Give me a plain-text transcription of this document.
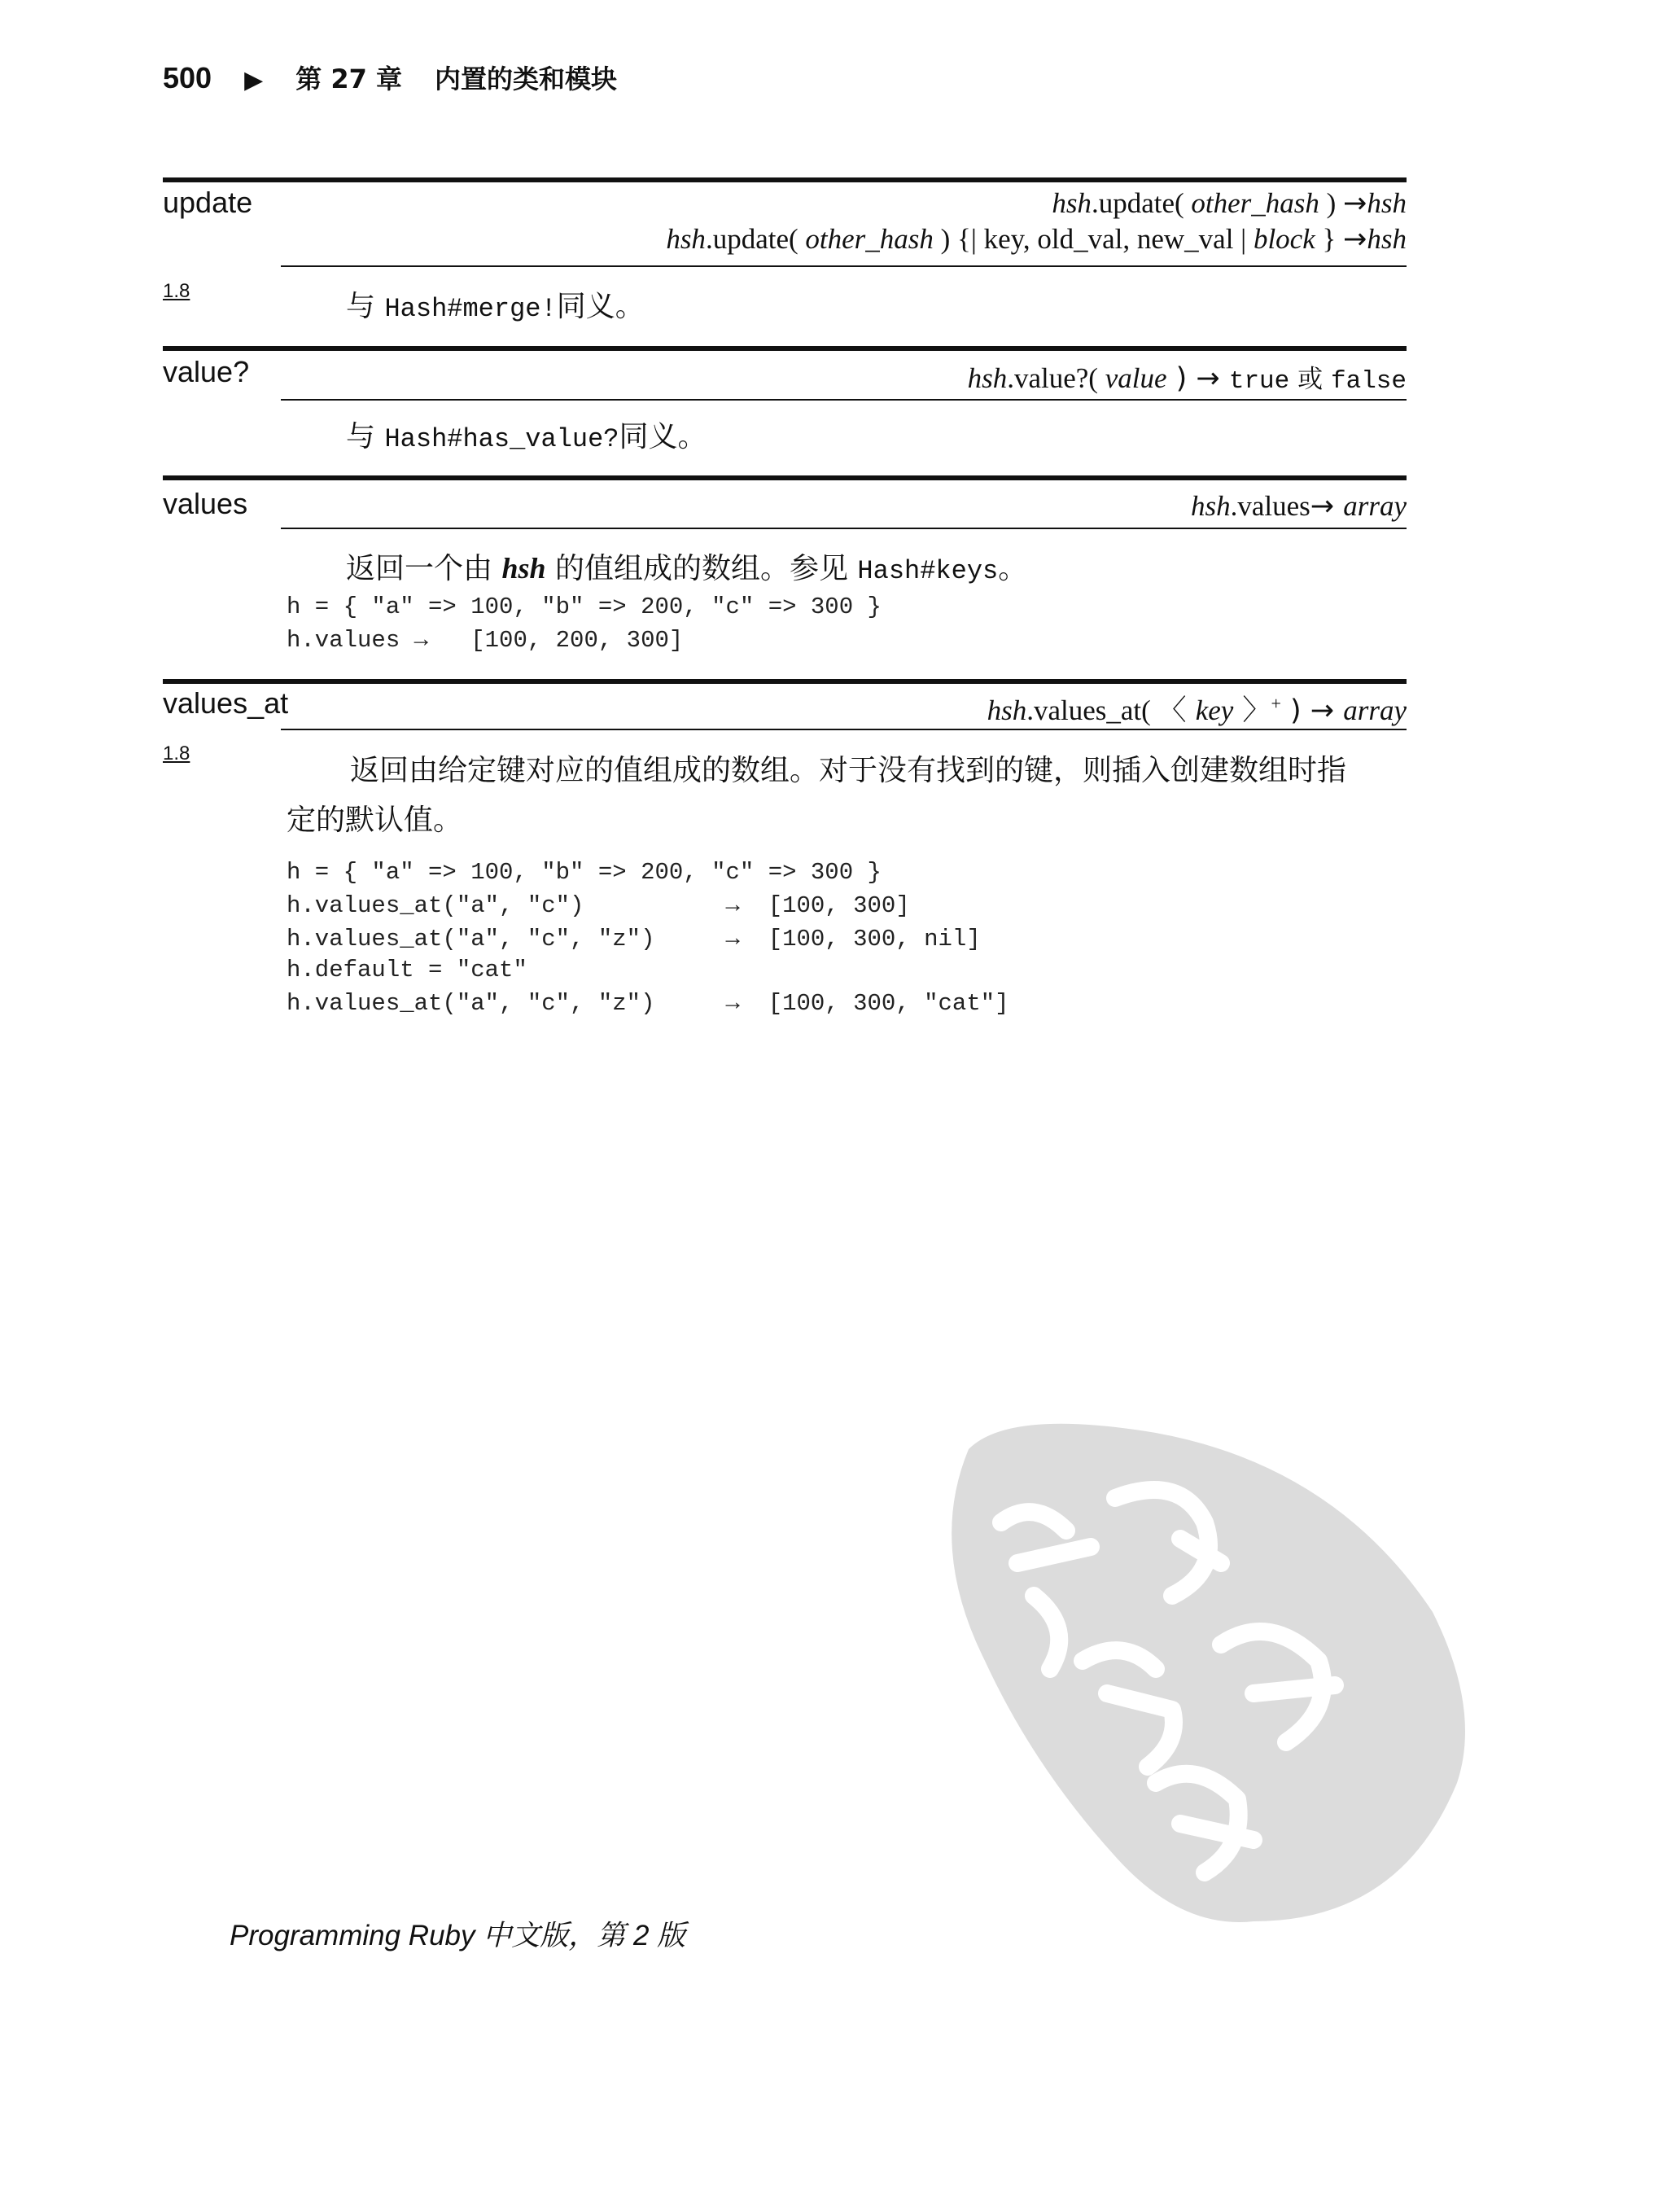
500 ▶ 第 27 章 内置的类和模块
update	hsh.update( other_hash ) →hsh
hsh.update( other_hash ) {| key, old_val, new_val | block } →hsh
1.8	与 Hash#merge!同义。
value?	hsh.value?( value ) → true 或 false
与 Hash#has_value?同义。
values	hsh.values→ array
返回一个由 hsh 的值组成的数组。参见 Hash#keys。
h = { "a" => 100, "b" => 200, "c" => 300 }
h.values →   [100, 200, 300]
values_at	hsh.values_at( 〈 key 〉+ ) → array
1.8
返回由给定键对应的值组成的数组。对于没有找到的键，则插入创建数组时指
定的默认值。
h = { "a" => 100, "b" => 200, "c" => 300 }
h.values_at("a", "c")          →  [100, 300]
h.values_at("a", "c", "z")     →  [100, 300, nil]
h.default = "cat"
h.values_at("a", "c", "z")     →  [100, 300, "cat"]
Programming Ruby 中文版，第 2 版
